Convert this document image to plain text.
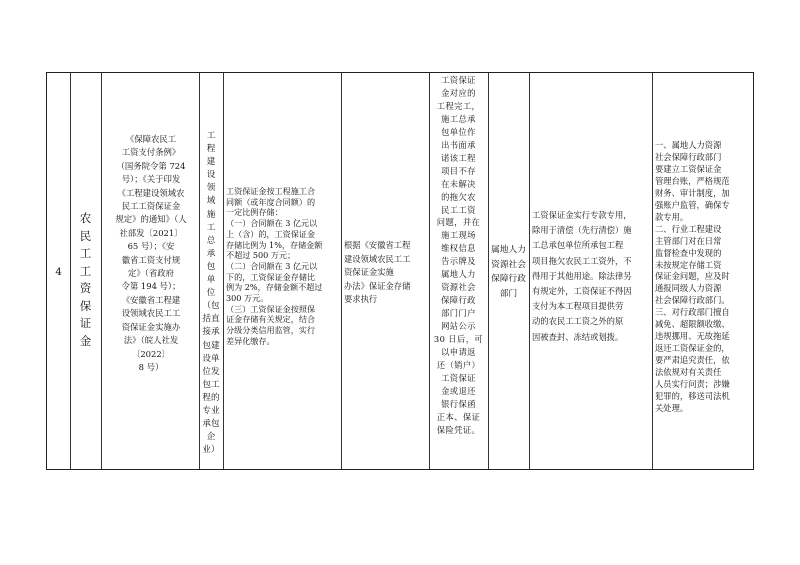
4
农
民
工
工
资
保
证
金
《保障农民工
工资支付条例》
（国务院令第 724
号）；《关于印发
《工程建设领域农
民工工资保证金
规定》的通知》（人
社部发〔2021〕
65 号）；《安
徽省工资支付规
定》（省政府
令第 194 号）；
《安徽省工程建
设领域农民工工
资保证金实施办
法》（皖人社发
〔2022〕
8 号）
工
程
建
设
领
域
施
工
总
承
包
单
位
（包
括直
接承
包建
设单
位发
包工
程的
专业
承包
企
业）
工资保证金按工程施工合
同额（或年度合同额）的
一定比例存储：
（一）合同额在 3 亿元以
上（含）的，工资保证金
存储比例为 1%，存储金额
不超过 500 万元；
（二）合同额在 3 亿元以
下的，工资保证金存储比
例为 2%，存储金额不超过
300 万元。
（三）工资保证金按照保
证金存储有关规定，结合
分级分类信用监管，实行
差异化缴存。
根据《安徽省工程
建设领域农民工工
资保证金实施
办法》保证金存储
要求执行
工资保证
金对应的
工程完工，
施工总承
包单位作
出书面承
诺该工程
项目不存
在未解决
的拖欠农
民工工资
问题，并在
施工现场
维权信息
告示牌及
属地人力
资源社会
保障行政
部门门户
网站公示
30 日后，可
以申请返
还（销户）
工资保证
金或退还
银行保函
正本、保证
保险凭证。
属地人力
资源社会
保障行政
部门
工资保证金实行专款专用，
除用于清偿（先行清偿）施
工总承包单位所承包工程
项目拖欠农民工工资外，不
得用于其他用途。除法律另
有规定外，工资保证不得因
支付为本工程项目提供劳
动的农民工工资之外的原
因被查封、冻结或划拨。
一、属地人力资源
社会保障行政部门
要建立工资保证金
管理台账，严格规范
财务、审计制度，加
强账户监管，确保专
款专用。
二、行业工程建设
主管部门对在日常
监督检查中发现的
未按规定存储工资
保证金问题，应及时
通报同级人力资源
社会保障行政部门。
三、对行政部门擅自
减免、超限额收缴、
违规挪用、无故拖延
返还工资保证金的，
要严肃追究责任，依
法依规对有关责任
人员实行问责；涉嫌
犯罪的，移送司法机
关处理。
